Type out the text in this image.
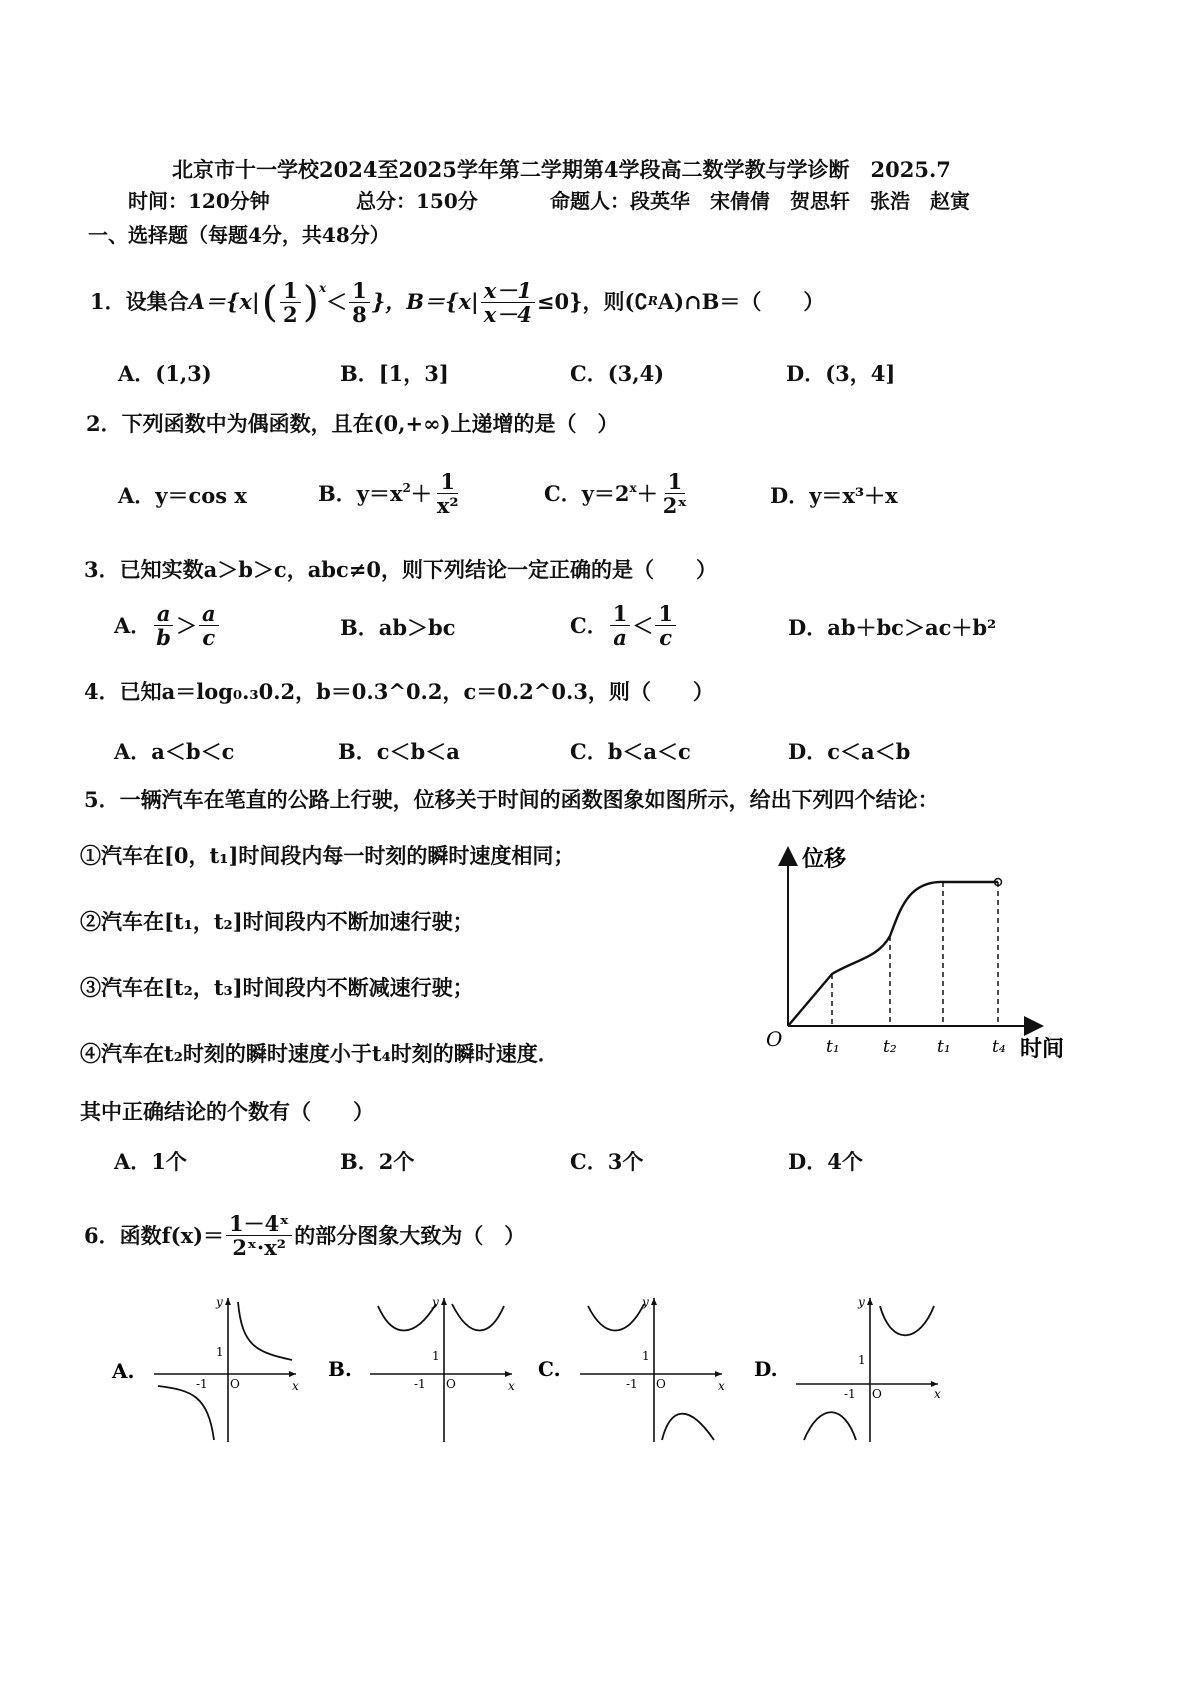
北京市十一学校2024至2025学年第二学期第4学段高二数学教与学诊断　2025.7
时间：120分钟	总分：150分	命题人：段英华　宋倩倩　贺思轩　张浩　赵寅
一、选择题（每题4分，共48分）
1．设集合 A＝{x| ( $\frac{1}{2} )^x$
＜ $\frac{1}{8}$ }，$B=\{x| \frac{x-1}{x-4} \le 0\}$，则(∁ R A)∩B＝（　　）
A．(1,3)	B．[1，3]	C．(3,4)	D．(3，4]
2．下列函数中为偶函数，且在(0,+∞)上递增的是（　）
A．y＝cos x	B．$y=x^2 + \frac{1}{\text{x²}}$	C．$y=2^x + \frac{1}{\text{2ˣ}}$	D．y＝x³＋x
3．已知实数a＞b＞c，abc≠0，则下列结论一定正确的是（　　）
A． $\frac{a}{b} > \frac{a}{c}$	B．ab＞bc	C． $\frac{1}{a} < \frac{1}{c}$	D．ab＋bc＞ac＋b²
4．已知a＝log₀.₃0.2，b＝0.3^0.2，c＝0.2^0.3，则（　　）
A．a＜b＜c	B．c＜b＜a	C．b＜a＜c	D．c＜a＜b
5．一辆汽车在笔直的公路上行驶，位移关于时间的函数图象如图所示，给出下列四个结论：
①汽车在[0，t₁]时间段内每一时刻的瞬时速度相同；
②汽车在[t₁，t₂]时间段内不断加速行驶；
③汽车在[t₂，t₃]时间段内不断减速行驶；
④汽车在t₂时刻的瞬时速度小于t₄时刻的瞬时速度．
其中正确结论的个数有（　　）
A．1个	B．2个	C．3个	D．4个
位移
时间
O	t₁	t₂ t₁ t₄
6．函数$f(x)= \frac{\text{1－4ˣ}}{\text{2ˣ·x²}}$ 的部分图象大致为（　）
A.
y
x
1
-1 O
B.
y
x
1
-1 O
C.
y
x
1
-1 O
D.
y
x
1
-1 O
